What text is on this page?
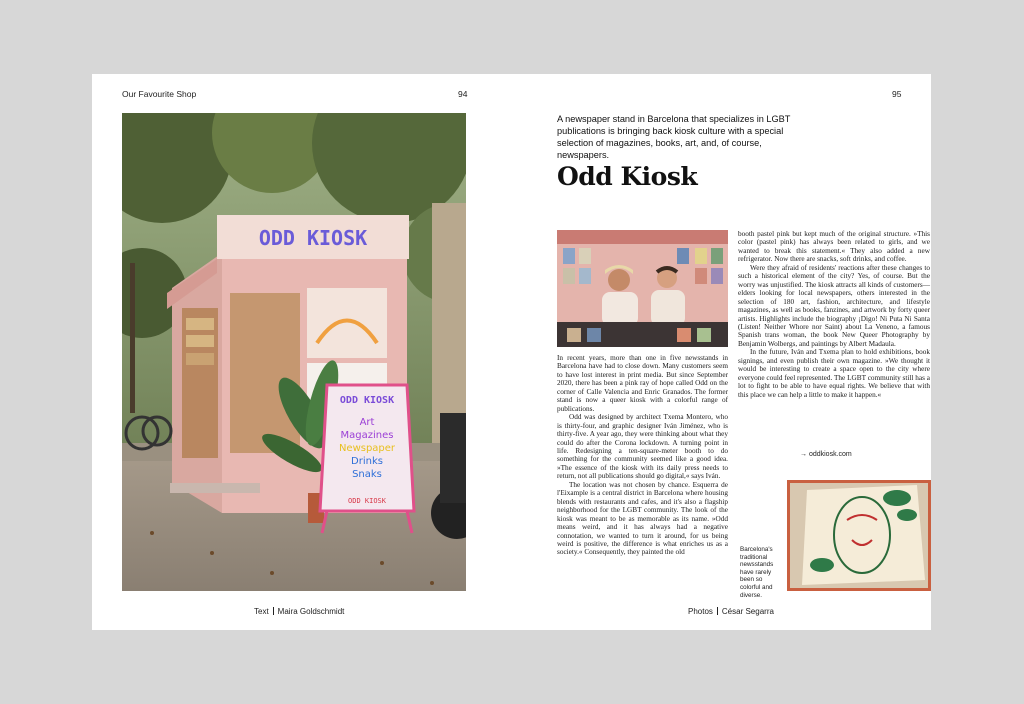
Our Favourite Shop	94	95
ODD KIOSK
ODD KIOSK
Art
Magazines
Newspaper
Drinks
Snaks
ODD KIOSK
Text Maira Goldschmidt	Photos César Segarra
A newspaper stand in Barcelona that specializes in LGBT publications is bringing back kiosk culture with a special selection of magazines, books, art, and, of course, newspapers.
Odd Kiosk

In recent years, more than one in five newsstands in Barcelona have had to close down. Many customers seem to have lost interest in print media. But since September 2020, there has been a pink ray of hope called Odd on the corner of Calle Valencia and Enric Granados. The former stand is now a queer kiosk with a colorful range of publications.

Odd was designed by architect Txema Montero, who is thirty-four, and graphic designer Iván Jiménez, who is thirty-five. A year ago, they were thinking about what they could do after the Corona lockdown. A turning point in life. Redesigning a ten-square-meter booth to do something for the community seemed like a good idea. »The essence of the kiosk with its daily press needs to return, not all publications should go digital,« says Iván.

The location was not chosen by chance. Esquerra de l'Eixample is a central district in Barcelona where housing blends with restaurants and cafes, and it's also a flagship neighborhood for the LGBT community. The look of the kiosk was meant to be as memorable as its name. »Odd means weird, and it has always had a negative connotation, we wanted to turn it around, for us being weird is positive, the difference is what enriches us as a society.« Consequently, they painted the old

booth pastel pink but kept much of the original structure. »This color (pastel pink) has always been related to girls, and we wanted to break this statement.« They also added a new refrigerator. Now there are snacks, soft drinks, and coffee.

Were they afraid of residents' reactions after these changes to such a historical element of the city? Yes, of course. But the worry was unjustified. The kiosk attracts all kinds of customers—elders looking for local newspapers, others interested in the selection of 180 art, fashion, architecture, and lifestyle magazines, as well as books, fanzines, and artwork by forty queer artists. Highlights include the biography ¡Digo! Ni Puta Ni Santa (Listen! Neither Whore nor Saint) about La Veneno, a famous Spanish trans woman, the book New Queer Photography by Benjamin Wolbergs, and paintings by Albert Madaula.

In the future, Iván and Txema plan to hold exhibitions, book signings, and even publish their own magazine. »We thought it would be interesting to create a space open to the city where everyone could feel represented. The LGBT community still has a lot to fight to be able to have equal rights. We believe that with this place we can help a little to make it happen.«

→ oddkiosk.com
Barcelona's traditional newsstands have rarely been so colorful and diverse.
